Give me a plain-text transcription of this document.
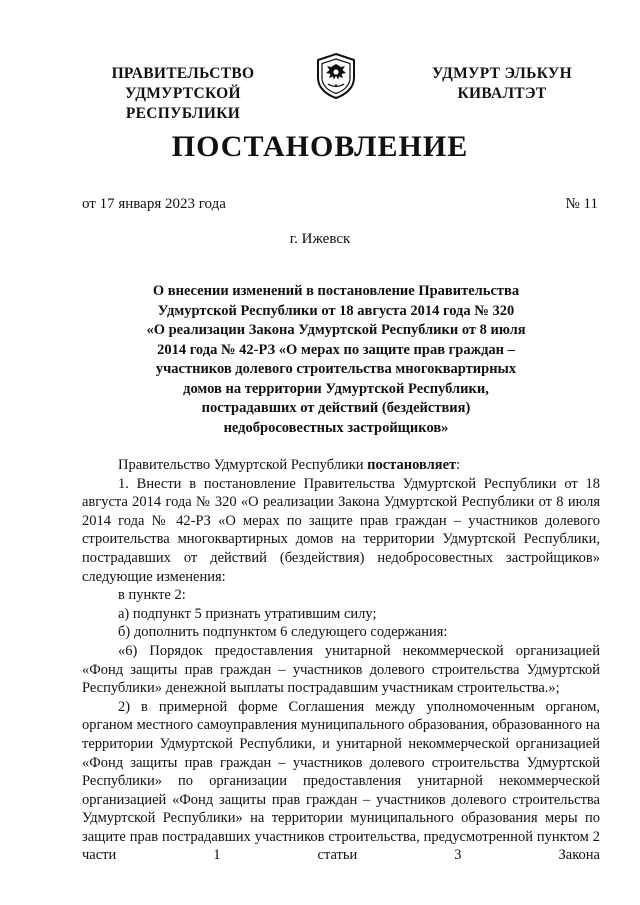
ПРАВИТЕЛЬСТВО
УДМУРТСКОЙ РЕСПУБЛИКИ
УДМУРТ ЭЛЬКУН
КИВАЛТЭТ
ПОСТАНОВЛЕНИЕ
от 17 января 2023 года	№ 11
г. Ижевск
О внесении изменений в постановление Правительства
Удмуртской Республики от 18 августа 2014 года № 320
«О реализации Закона Удмуртской Республики от 8 июля
2014 года № 42-РЗ «О мерах по защите прав граждан –
участников долевого строительства многоквартирных
домов на территории Удмуртской Республики,
пострадавших от действий (бездействия)
недобросовестных застройщиков»

Правительство Удмуртской Республики постановляет:

1. Внести в постановление Правительства Удмуртской Республики от 18 августа 2014 года № 320 «О реализации Закона Удмуртской Республики от 8 июля 2014 года № 42-РЗ «О мерах по защите прав граждан – участников долевого строительства многоквартирных домов на территории Удмуртской Республики, пострадавших от действий (бездействия) недобросовестных застройщиков» следующие изменения:

в пункте 2:

а) подпункт 5 признать утратившим силу;

б) дополнить подпунктом 6 следующего содержания:

«6) Порядок предоставления унитарной некоммерческой организацией «Фонд защиты прав граждан – участников долевого строительства Удмуртской Республики» денежной выплаты пострадавшим участникам строительства.»;

2) в примерной форме Соглашения между уполномоченным органом, органом местного самоуправления муниципального образования, образованного на территории Удмуртской Республики, и унитарной некоммерческой организацией «Фонд защиты прав граждан – участников долевого строительства Удмуртской Республики» по организации предоставления унитарной некоммерческой организацией «Фонд защиты прав граждан – участников долевого строительства Удмуртской Республики» на территории муниципального образования меры по защите прав пострадавших участников строительства, предусмотренной пунктом 2 части 1 статьи 3 Закона
